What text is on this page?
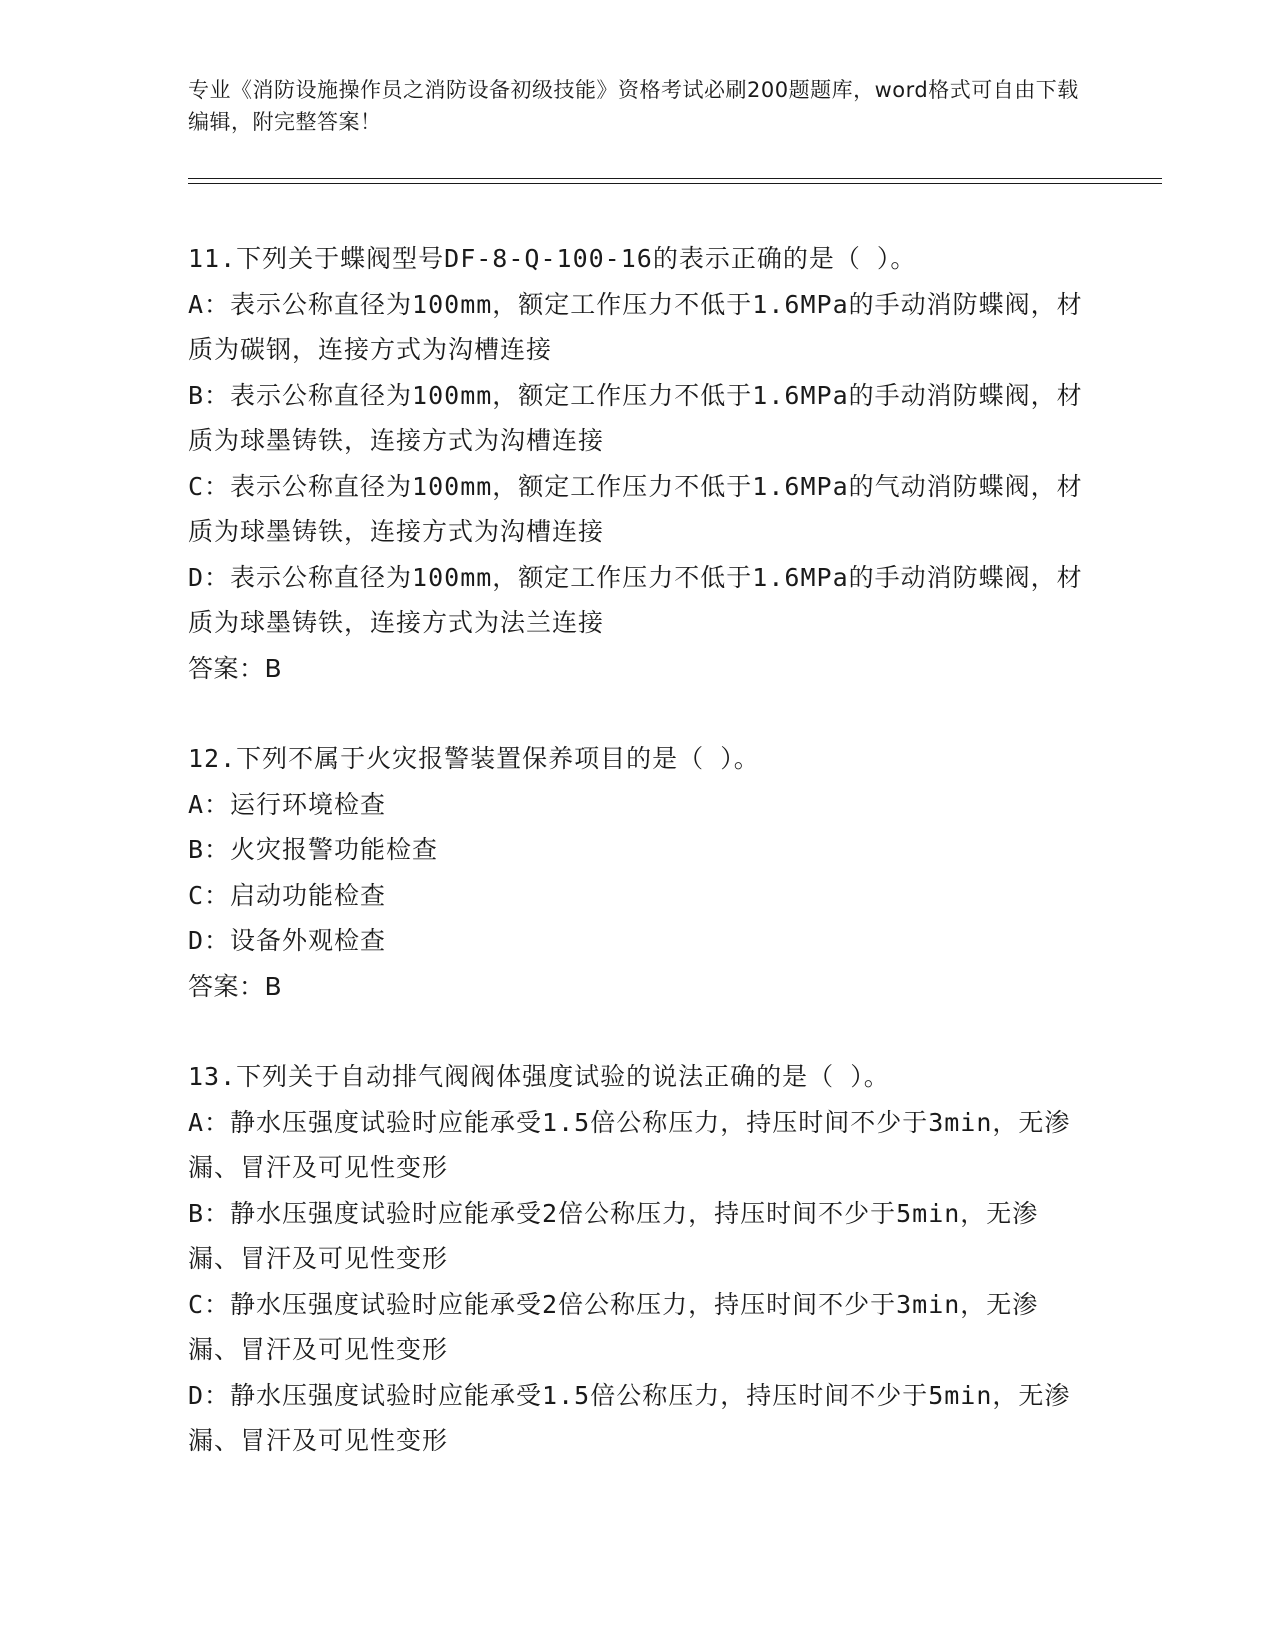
专业《消防设施操作员之消防设备初级技能》资格考试必刷200题题库，word格式可自由下载编辑，附完整答案！
11.下列关于蝶阀型号DF-8-Q-100-16的表示正确的是（ ）。
A：表示公称直径为100mm，额定工作压力不低于1.6MPa的手动消防蝶阀，材质为碳钢，连接方式为沟槽连接
B：表示公称直径为100mm，额定工作压力不低于1.6MPa的手动消防蝶阀，材质为球墨铸铁，连接方式为沟槽连接
C：表示公称直径为100mm，额定工作压力不低于1.6MPa的气动消防蝶阀，材质为球墨铸铁，连接方式为沟槽连接
D：表示公称直径为100mm，额定工作压力不低于1.6MPa的手动消防蝶阀，材质为球墨铸铁，连接方式为法兰连接
答案：B
12.下列不属于火灾报警装置保养项目的是（ ）。
A：运行环境检查
B：火灾报警功能检查
C：启动功能检查
D：设备外观检查
答案：B
13.下列关于自动排气阀阀体强度试验的说法正确的是（ ）。
A：静水压强度试验时应能承受1.5倍公称压力，持压时间不少于3min，无渗漏、冒汗及可见性变形
B：静水压强度试验时应能承受2倍公称压力，持压时间不少于5min，无渗漏、冒汗及可见性变形
C：静水压强度试验时应能承受2倍公称压力，持压时间不少于3min，无渗漏、冒汗及可见性变形
D：静水压强度试验时应能承受1.5倍公称压力，持压时间不少于5min，无渗漏、冒汗及可见性变形
